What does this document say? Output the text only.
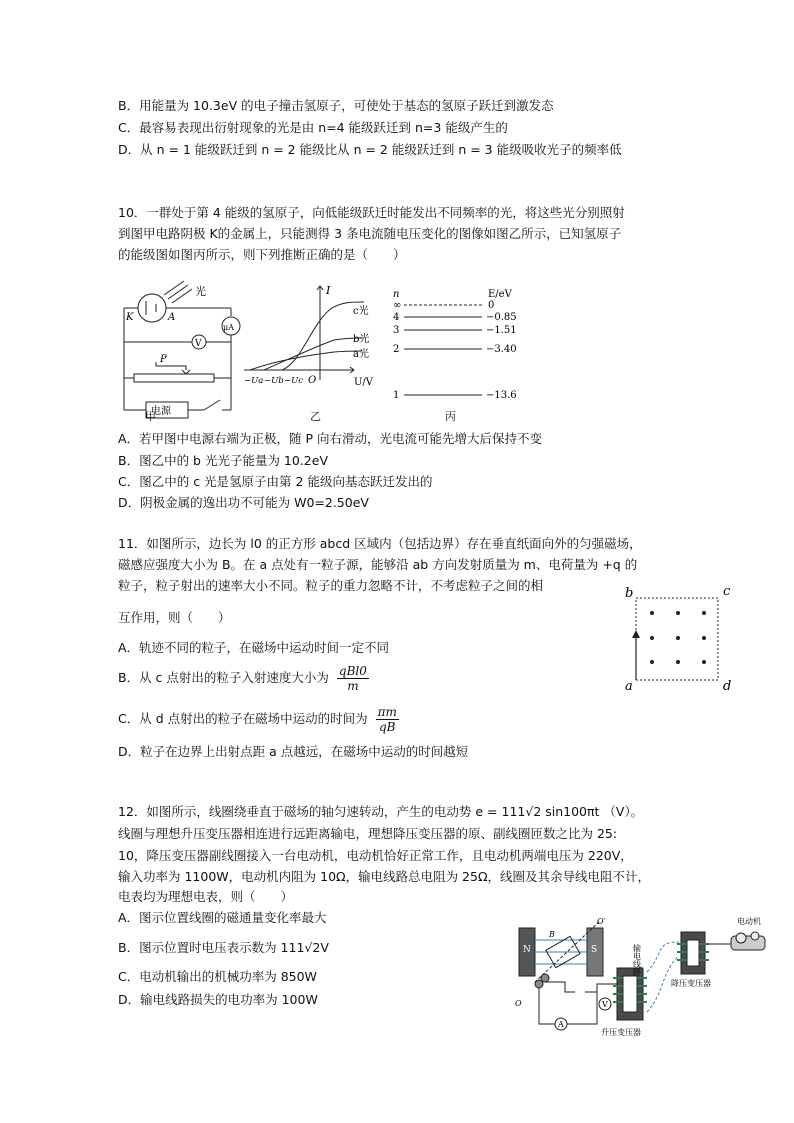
B．用能量为 10.3eV 的电子撞击氢原子，可使处于基态的氢原子跃迁到激发态
C．最容易表现出衍射现象的光是由 n=4 能级跃迁到 n=3 能级产生的
D．从 n = 1 能级跃迁到 n = 2 能级比从 n = 2 能级跃迁到 n = 3 能级吸收光子的频率低
10．一群处于第 4 能级的氢原子，向低能级跃迁时能发出不同频率的光，将这些光分别照射
到图甲电路阴极 K的金属上，只能测得 3 条电流随电压变化的图像如图乙所示，已知氢原子
的能级图如图丙所示，则下列推断正确的是（　　）
光
K	A
μA
V
P
电源
甲
I
U/V
O
c光
b光
a光
−Ua −Ub −Uc
乙
n	E/eV
∞	0
4	−0.85
3	−1.51
2	−3.40
1	−13.6
丙
A．若甲图中电源右端为正极，随 P 向右滑动，光电流可能先增大后保持不变
B．图乙中的 b 光光子能量为 10.2eV
C．图乙中的 c 光是氢原子由第 2 能级向基态跃迁发出的
D．阴极金属的逸出功不可能为 W0=2.50eV
11．如图所示，边长为 l0 的正方形 abcd 区域内（包括边界）存在垂直纸面向外的匀强磁场，
磁感应强度大小为 B。在 a 点处有一粒子源，能够沿 ab 方向发射质量为 m、电荷量为 +q 的
粒子，粒子射出的速率大小不同。粒子的重力忽略不计，不考虑粒子之间的相
互作用，则（　　）
b	c
a	d
A．轨迹不同的粒子，在磁场中运动时间一定不同
B．从 c 点射出的粒子入射速度大小为 $\frac{\text{qBl0}}{m}$
C．从 d 点射出的粒子在磁场中运动的时间为 $\frac{\pi m}{qB}$
D．粒子在边界上出射点距 a 点越远，在磁场中运动的时间越短
12．如图所示，线圈绕垂直于磁场的轴匀速转动，产生的电动势 e = 111√2 sin100πt （V）。
线圈与理想升压变压器相连进行远距离输电，理想降压变压器的原、副线圈匝数之比为 25:
10，降压变压器副线圈接入一台电动机，电动机恰好正常工作，且电动机两端电压为 220V，
输入功率为 1100W，电动机内阻为 10Ω，输电线路总电阻为 25Ω，线圈及其余导线电阻不计，
电表均为理想电表，则（　　）
A．图示位置线圈的磁通量变化率最大
B．图示位置时电压表示数为 111√2V
C．电动机输出的机械功率为 850W
D．输电线路损失的电功率为 100W
N	S
B
O′
O
A
V
升压变压器
输电线路
降压变压器
电动机
